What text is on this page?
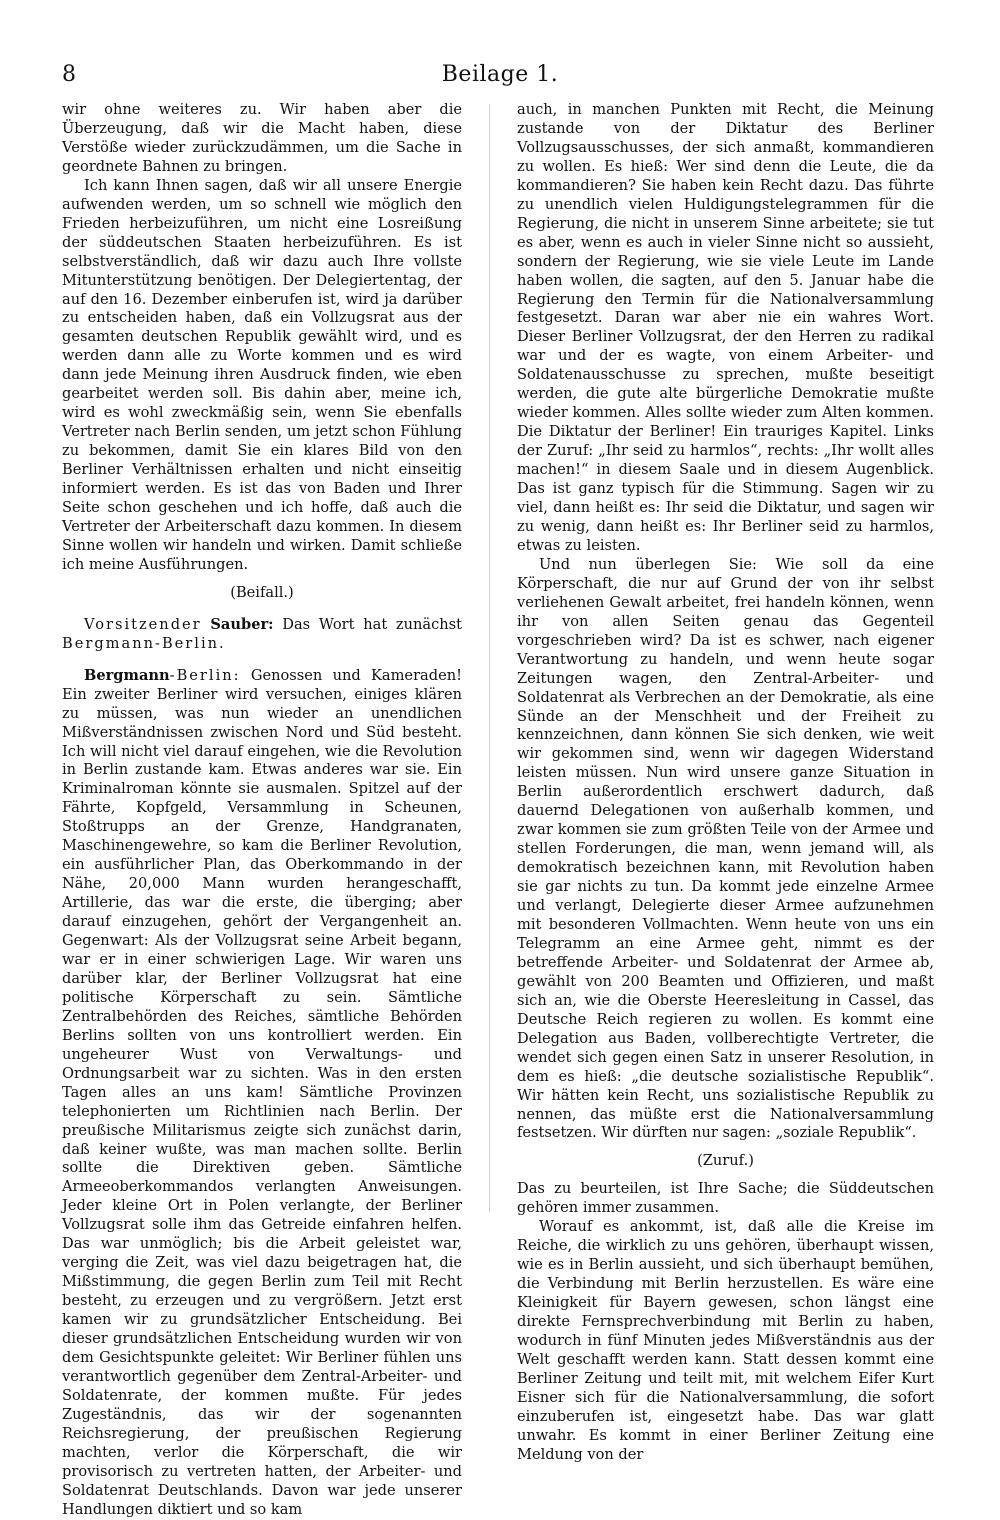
8	Beilage 1.

wir ohne weiteres zu. Wir haben aber die Überzeugung, daß wir die Macht haben, diese Verstöße wieder zurückzudämmen, um die Sache in geordnete Bahnen zu bringen.

Ich kann Ihnen sagen, daß wir all unsere Energie aufwenden werden, um so schnell wie möglich den Frieden herbeizuführen, um nicht eine Losreißung der süddeutschen Staaten herbeizuführen. Es ist selbstverständlich, daß wir dazu auch Ihre vollste Mitunterstützung benötigen. Der Delegiertentag, der auf den 16. Dezember einberufen ist, wird ja darüber zu entscheiden haben, daß ein Vollzugsrat aus der gesamten deutschen Republik gewählt wird, und es werden dann alle zu Worte kommen und es wird dann jede Meinung ihren Ausdruck finden, wie eben gearbeitet werden soll. Bis dahin aber, meine ich, wird es wohl zweckmäßig sein, wenn Sie ebenfalls Vertreter nach Berlin senden, um jetzt schon Fühlung zu bekommen, damit Sie ein klares Bild von den Berliner Verhältnissen erhalten und nicht einseitig informiert werden. Es ist das von Baden und Ihrer Seite schon geschehen und ich hoffe, daß auch die Vertreter der Arbeiterschaft dazu kommen. In diesem Sinne wollen wir handeln und wirken. Damit schließe ich meine Ausführungen.

(Beifall.)

Vorsitzender Sauber: Das Wort hat zunächst Bergmann-Berlin.

Bergmann-Berlin: Genossen und Kameraden! Ein zweiter Berliner wird versuchen, einiges klären zu müssen, was nun wieder an unendlichen Mißverständnissen zwischen Nord und Süd besteht. Ich will nicht viel darauf eingehen, wie die Revolution in Berlin zustande kam. Etwas anderes war sie. Ein Kriminalroman könnte sie ausmalen. Spitzel auf der Fährte, Kopfgeld, Versammlung in Scheunen, Stoßtrupps an der Grenze, Handgranaten, Maschinengewehre, so kam die Berliner Revolution, ein ausführlicher Plan, das Oberkommando in der Nähe, 20,000 Mann wurden herangeschafft, Artillerie, das war die erste, die überging; aber darauf einzugehen, gehört der Vergangenheit an. Gegenwart: Als der Vollzugsrat seine Arbeit begann, war er in einer schwierigen Lage. Wir waren uns darüber klar, der Berliner Vollzugsrat hat eine politische Körperschaft zu sein. Sämtliche Zentralbehörden des Reiches, sämtliche Behörden Berlins sollten von uns kontrolliert werden. Ein ungeheurer Wust von Verwaltungs- und Ordnungsarbeit war zu sichten. Was in den ersten Tagen alles an uns kam! Sämtliche Provinzen telephonierten um Richtlinien nach Berlin. Der preußische Militarismus zeigte sich zunächst darin, daß keiner wußte, was man machen sollte. Berlin sollte die Direktiven geben. Sämtliche Armeeoberkommandos verlangten Anweisungen. Jeder kleine Ort in Polen verlangte, der Berliner Vollzugsrat solle ihm das Getreide einfahren helfen. Das war unmöglich; bis die Arbeit geleistet war, verging die Zeit, was viel dazu beigetragen hat, die Mißstimmung, die gegen Berlin zum Teil mit Recht besteht, zu erzeugen und zu vergrößern. Jetzt erst kamen wir zu grundsätzlicher Entscheidung. Bei dieser grundsätzlichen Entscheidung wurden wir von dem Gesichtspunkte geleitet: Wir Berliner fühlen uns verantwortlich gegenüber dem Zentral-Arbeiter- und Soldatenrate, der kommen mußte. Für jedes Zugeständnis, das wir der sogenannten Reichsregierung, der preußischen Regierung machten, verlor die Körperschaft, die wir provisorisch zu vertreten hatten, der Arbeiter- und Soldatenrat Deutschlands. Davon war jede unserer Handlungen diktiert und so kam

auch, in manchen Punkten mit Recht, die Meinung zustande von der Diktatur des Berliner Vollzugsausschusses, der sich anmaßt, kommandieren zu wollen. Es hieß: Wer sind denn die Leute, die da kommandieren? Sie haben kein Recht dazu. Das führte zu unendlich vielen Huldigungstelegrammen für die Regierung, die nicht in unserem Sinne arbeitete; sie tut es aber, wenn es auch in vieler Sinne nicht so aussieht, sondern der Regierung, wie sie viele Leute im Lande haben wollen, die sagten, auf den 5. Januar habe die Regierung den Termin für die Nationalversammlung festgesetzt. Daran war aber nie ein wahres Wort. Dieser Berliner Vollzugsrat, der den Herren zu radikal war und der es wagte, von einem Arbeiter- und Soldatenausschusse zu sprechen, mußte beseitigt werden, die gute alte bürgerliche Demokratie mußte wieder kommen. Alles sollte wieder zum Alten kommen. Die Diktatur der Berliner! Ein trauriges Kapitel. Links der Zuruf: „Ihr seid zu harmlos“, rechts: „Ihr wollt alles machen!“ in diesem Saale und in diesem Augenblick. Das ist ganz typisch für die Stimmung. Sagen wir zu viel, dann heißt es: Ihr seid die Diktatur, und sagen wir zu wenig, dann heißt es: Ihr Berliner seid zu harmlos, etwas zu leisten.

Und nun überlegen Sie: Wie soll da eine Körperschaft, die nur auf Grund der von ihr selbst verliehenen Gewalt arbeitet, frei handeln können, wenn ihr von allen Seiten genau das Gegenteil vorgeschrieben wird? Da ist es schwer, nach eigener Verantwortung zu handeln, und wenn heute sogar Zeitungen wagen, den Zentral-Arbeiter- und Soldatenrat als Verbrechen an der Demokratie, als eine Sünde an der Menschheit und der Freiheit zu kennzeichnen, dann können Sie sich denken, wie weit wir gekommen sind, wenn wir dagegen Widerstand leisten müssen. Nun wird unsere ganze Situation in Berlin außerordentlich erschwert dadurch, daß dauernd Delegationen von außerhalb kommen, und zwar kommen sie zum größten Teile von der Armee und stellen Forderungen, die man, wenn jemand will, als demokratisch bezeichnen kann, mit Revolution haben sie gar nichts zu tun. Da kommt jede einzelne Armee und verlangt, Delegierte dieser Armee aufzunehmen mit besonderen Vollmachten. Wenn heute von uns ein Telegramm an eine Armee geht, nimmt es der betreffende Arbeiter- und Soldatenrat der Armee ab, gewählt von 200 Beamten und Offizieren, und maßt sich an, wie die Oberste Heeresleitung in Cassel, das Deutsche Reich regieren zu wollen. Es kommt eine Delegation aus Baden, vollberechtigte Vertreter, die wendet sich gegen einen Satz in unserer Resolution, in dem es hieß: „die deutsche sozialistische Republik“. Wir hätten kein Recht, uns sozialistische Republik zu nennen, das müßte erst die Nationalversammlung festsetzen. Wir dürften nur sagen: „soziale Republik“.

(Zuruf.)

Das zu beurteilen, ist Ihre Sache; die Süddeutschen gehören immer zusammen.

Worauf es ankommt, ist, daß alle die Kreise im Reiche, die wirklich zu uns gehören, überhaupt wissen, wie es in Berlin aussieht, und sich überhaupt bemühen, die Verbindung mit Berlin herzustellen. Es wäre eine Kleinigkeit für Bayern gewesen, schon längst eine direkte Fernsprechverbindung mit Berlin zu haben, wodurch in fünf Minuten jedes Mißverständnis aus der Welt geschafft werden kann. Statt dessen kommt eine Berliner Zeitung und teilt mit, mit welchem Eifer Kurt Eisner sich für die Nationalversammlung, die sofort einzuberufen ist, eingesetzt habe. Das war glatt unwahr. Es kommt in einer Berliner Zeitung eine Meldung von der
